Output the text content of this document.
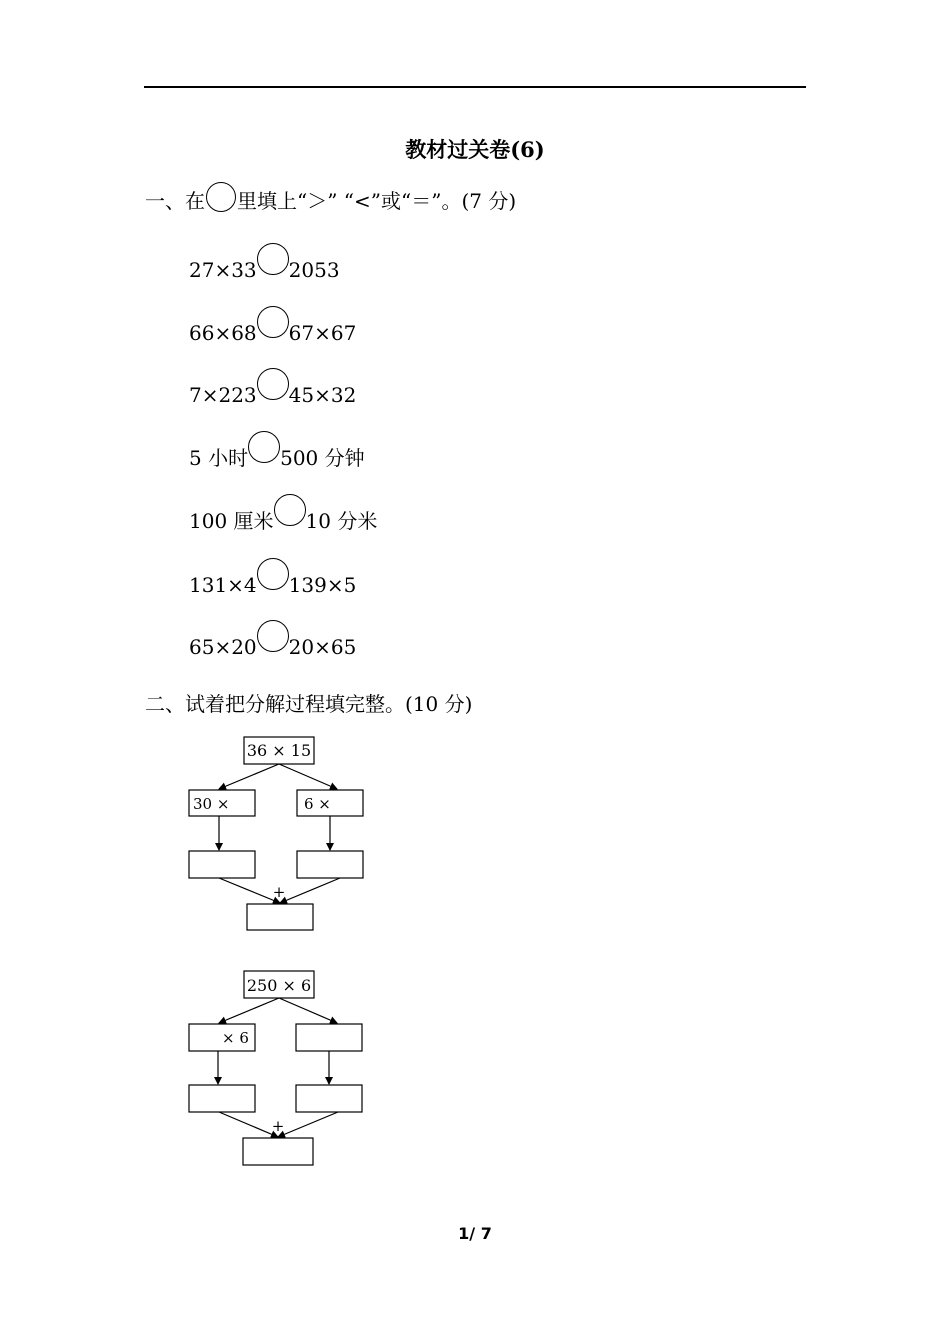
教材过关卷(6)
一、在 里填上“＞” “<”或“＝”。(7 分)
27×33 2053
66×68 67×67
7×223 45×32
5 小时 500 分钟
100 厘米 10 分米
131×4 139×5
65×20 20×65
二、试着把分解过程填完整。(10 分)
36 × 15
30 ×	6 ×
+
250 × 6
× 6
+
1/ 7
